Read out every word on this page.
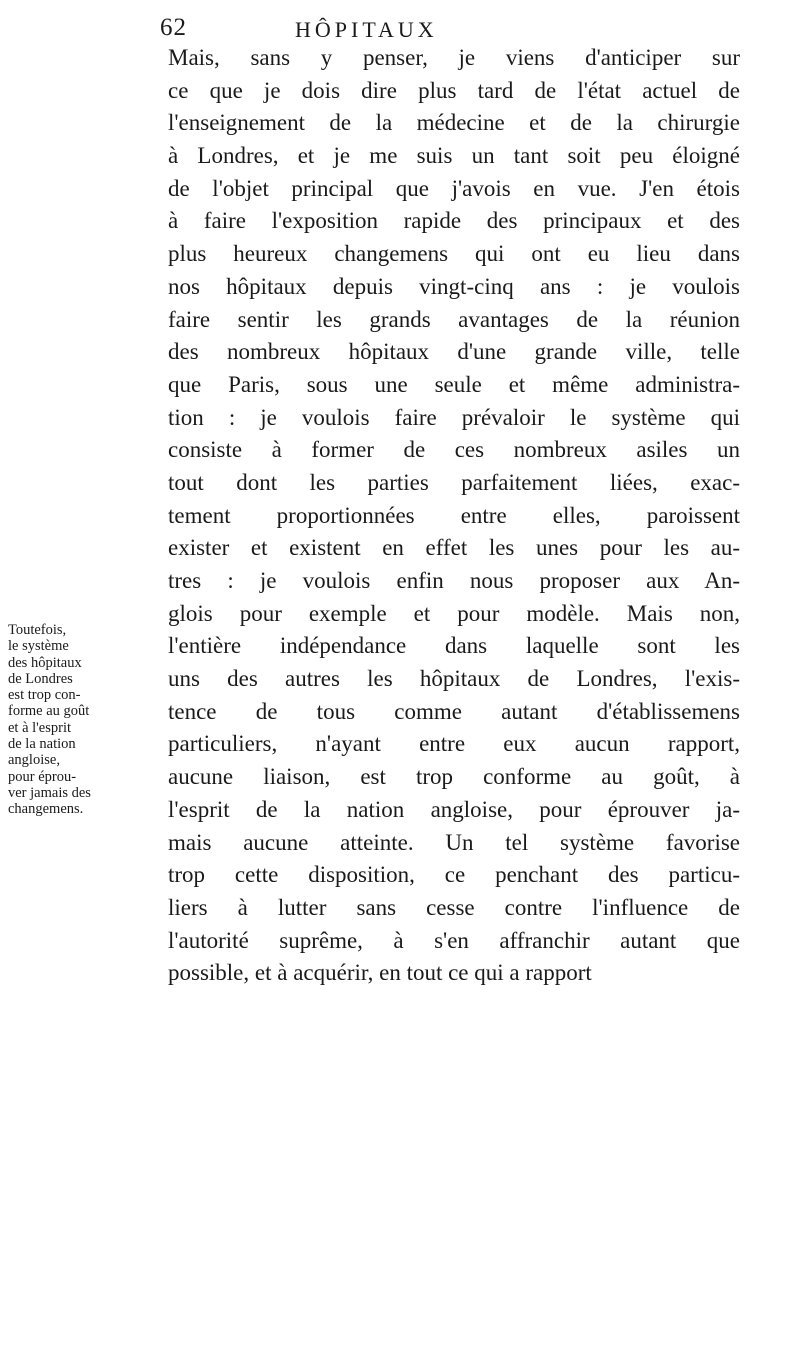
62	HÔPITAUX
Toutefois,
le système
des hôpitaux
de Londres
est trop con-
forme au goût
et à l'esprit
de la nation
angloise,
pour éprou-
ver jamais des
changemens.
Mais, sans y penser, je viens d'anticiper sur
ce que je dois dire plus tard de l'état actuel de
l'enseignement de la médecine et de la chirurgie
à Londres, et je me suis un tant soit peu éloigné
de l'objet principal que j'avois en vue. J'en étois
à faire l'exposition rapide des principaux et des
plus heureux changemens qui ont eu lieu dans
nos hôpitaux depuis vingt-cinq ans : je voulois
faire sentir les grands avantages de la réunion
des nombreux hôpitaux d'une grande ville, telle
que Paris, sous une seule et même administra-
tion : je voulois faire prévaloir le système qui
consiste à former de ces nombreux asiles un
tout dont les parties parfaitement liées, exac-
tement proportionnées entre elles, paroissent
exister et existent en effet les unes pour les au-
tres : je voulois enfin nous proposer aux An-
glois pour exemple et pour modèle. Mais non,
l'entière indépendance dans laquelle sont les
uns des autres les hôpitaux de Londres, l'exis-
tence de tous comme autant d'établissemens
particuliers, n'ayant entre eux aucun rapport,
aucune liaison, est trop conforme au goût, à
l'esprit de la nation angloise, pour éprouver ja-
mais aucune atteinte. Un tel système favorise
trop cette disposition, ce penchant des particu-
liers à lutter sans cesse contre l'influence de
l'autorité suprême, à s'en affranchir autant que
possible, et à acquérir, en tout ce qui a rapport
